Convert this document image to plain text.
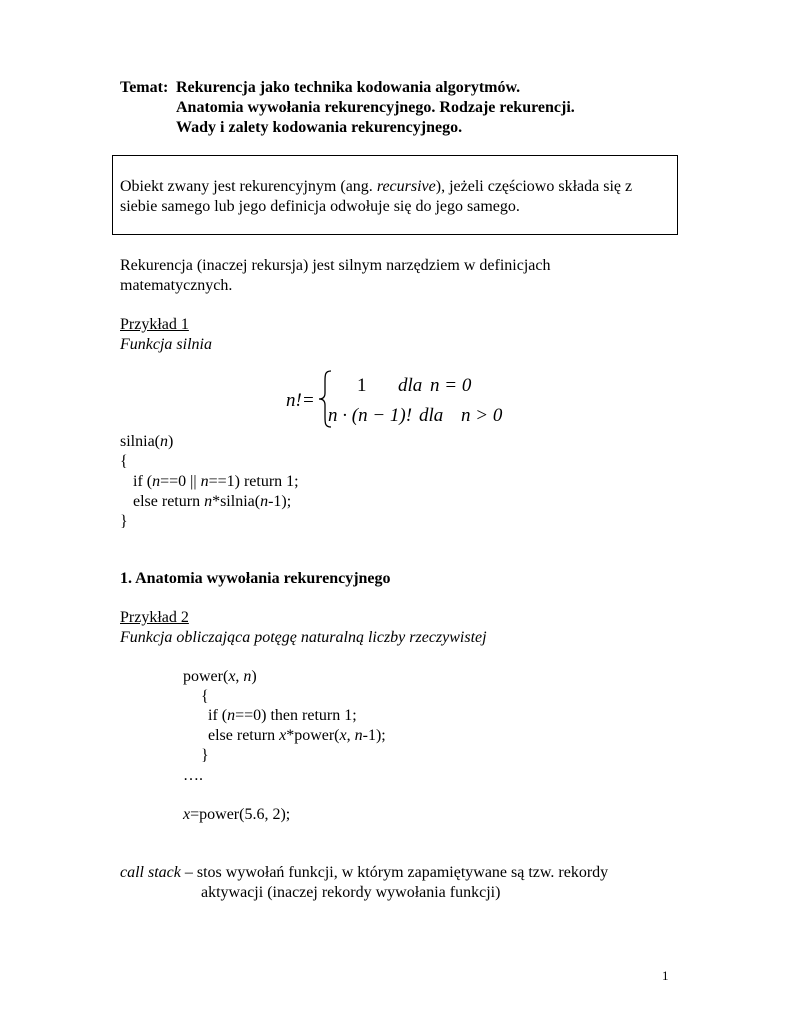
Temat: Rekurencja jako technika kodowania algorytmów.
Anatomia wywołania rekurencyjnego. Rodzaje rekurencji.
Wady i zalety kodowania rekurencyjnego.
Obiekt zwany jest rekurencyjnym (ang. recursive), jeżeli częściowo składa się z
siebie samego lub jego definicja odwołuje się do jego samego.
Rekurencja (inaczej rekursja) jest silnym narzędziem w definicjach
matematycznych.
Przykład 1
Funkcja silnia
n!=
1 dla n = 0
n · (n − 1)! dla n > 0
silnia(n)
{
if (n==0 || n==1) return 1;
else return n*silnia(n-1);
}
1. Anatomia wywołania rekurencyjnego
Przykład 2
Funkcja obliczająca potęgę naturalną liczby rzeczywistej
power(x, n)
{
if (n==0) then return 1;
else return x*power(x, n-1);
}
….
x=power(5.6, 2);
call stack – stos wywołań funkcji, w którym zapamiętywane są tzw. rekordy
aktywacji (inaczej rekordy wywołania funkcji)
1
